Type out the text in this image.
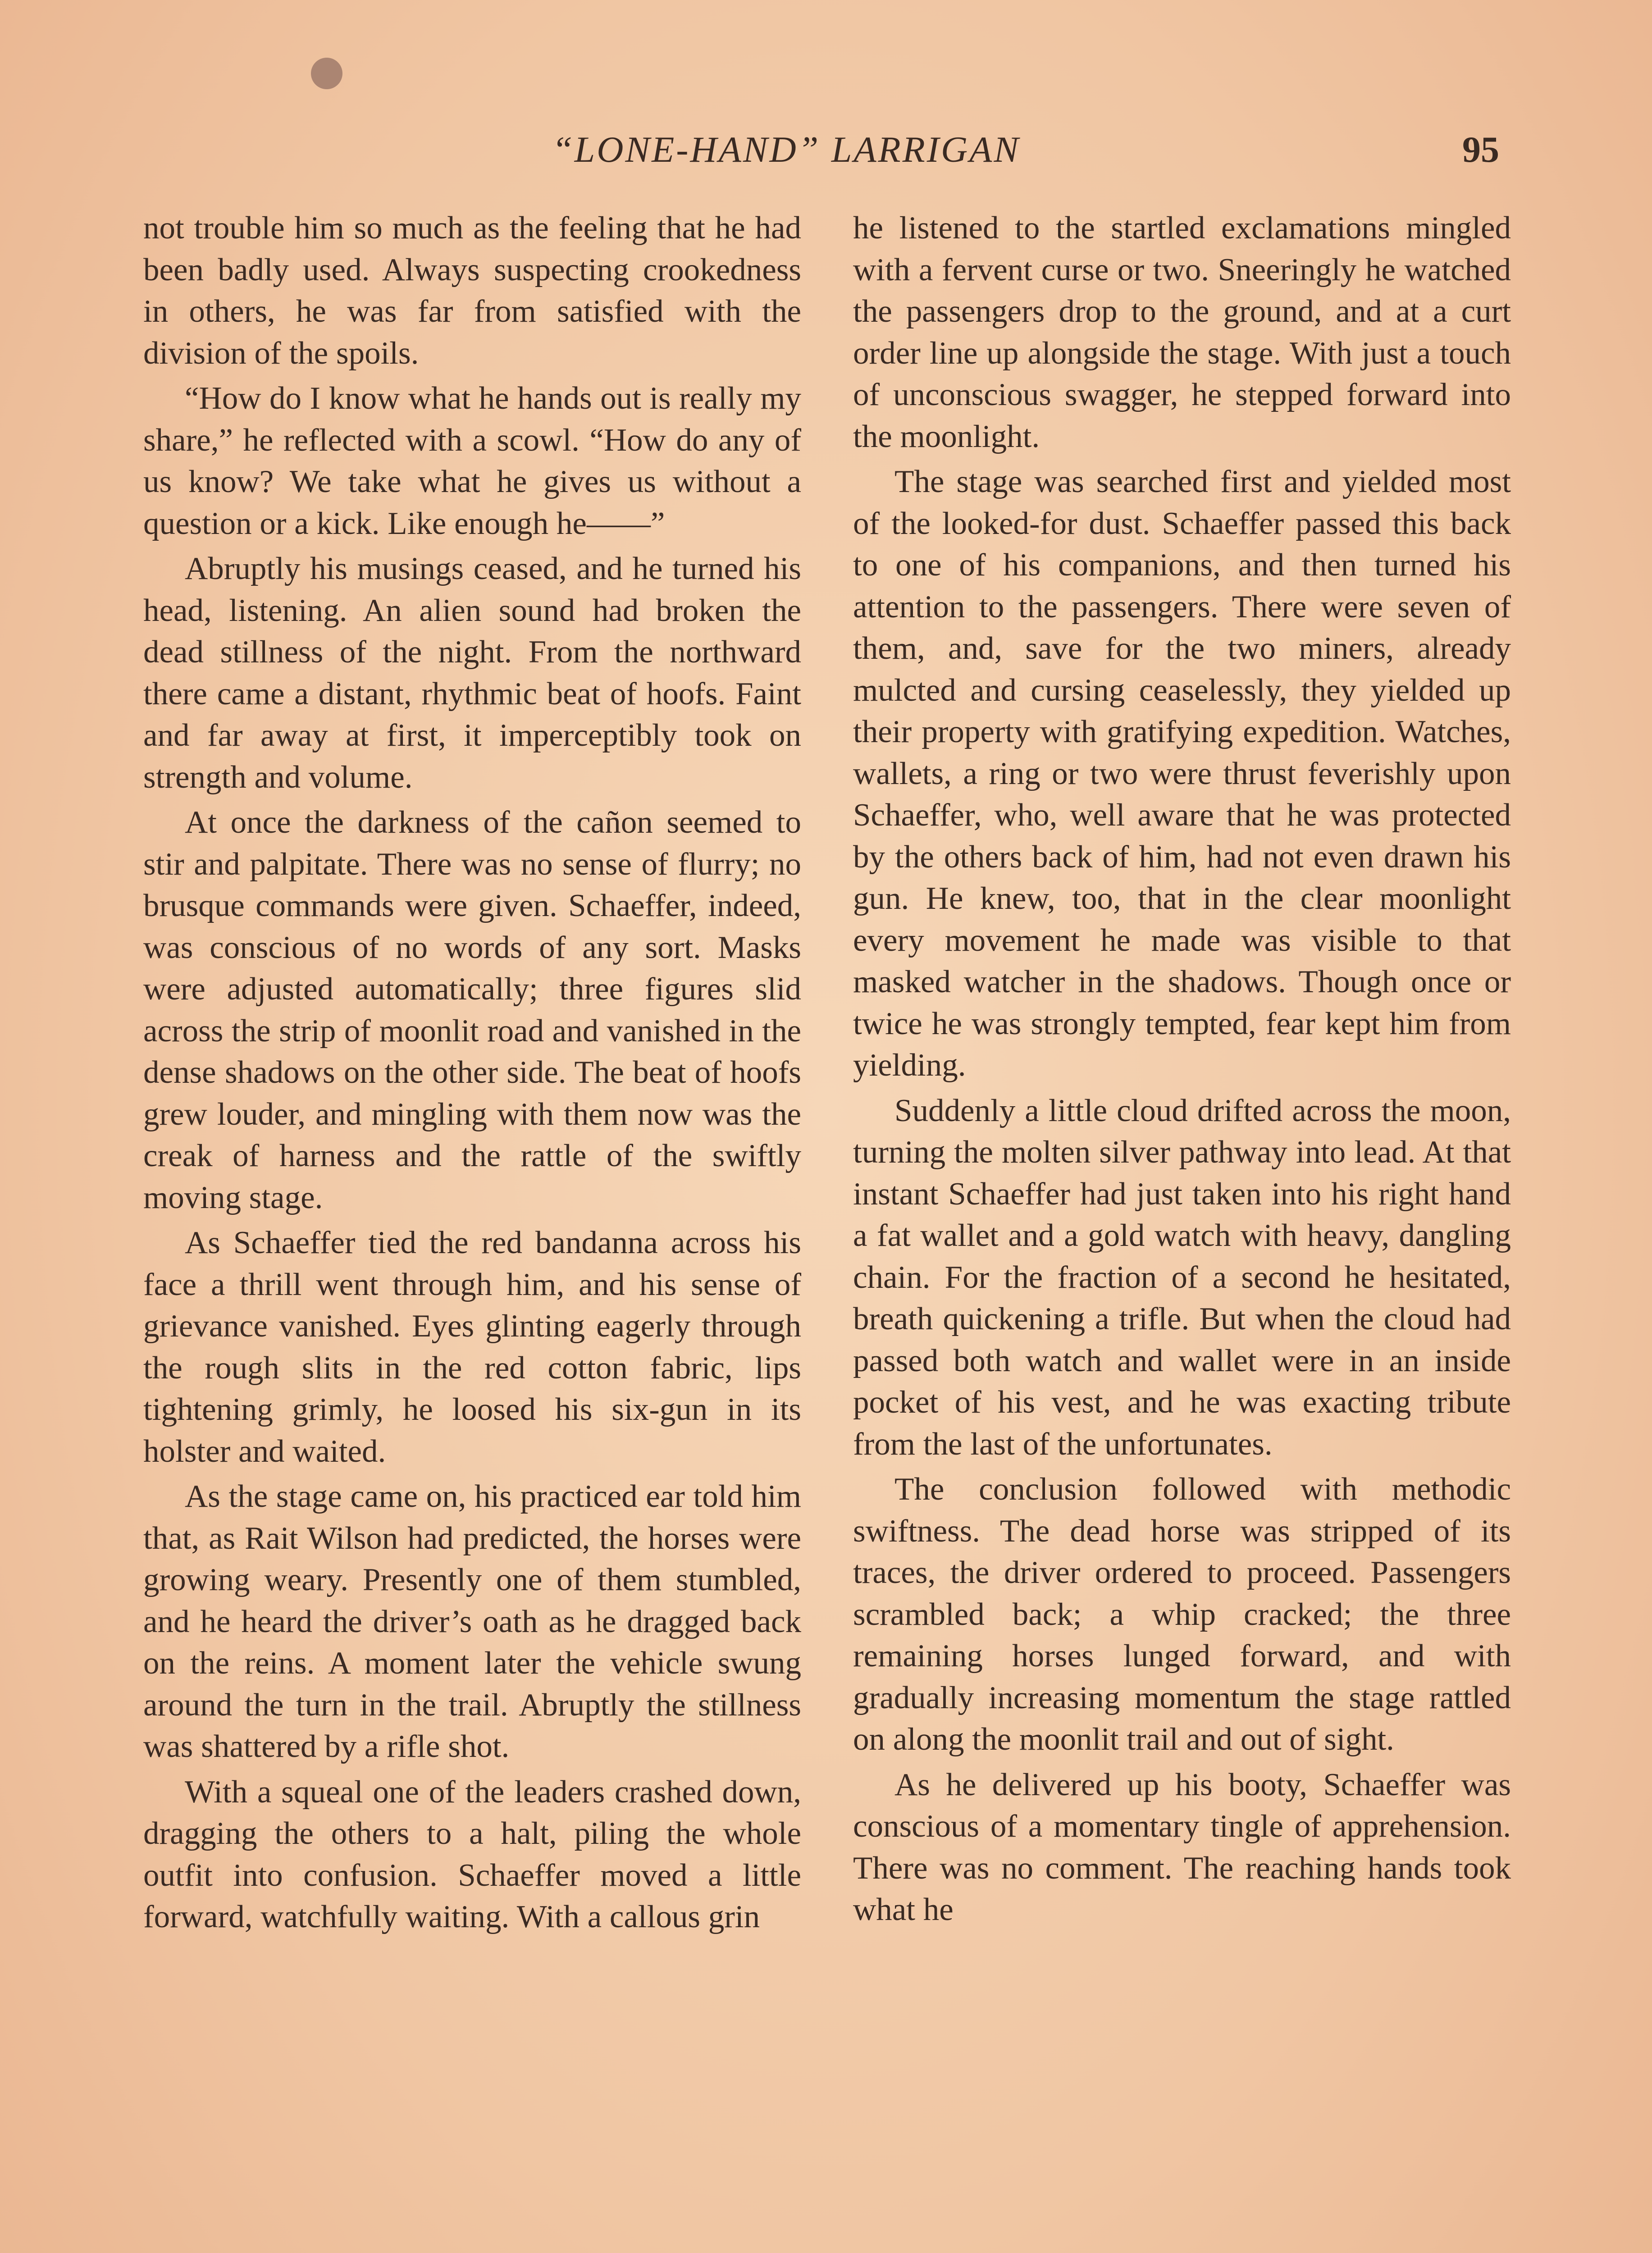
“LONE-HAND” LARRIGAN	95

not trouble him so much as the feeling that he had been badly used. Always suspecting crookedness in others, he was far from satisfied with the division of the spoils.

“How do I know what he hands out is really my share,” he reflected with a scowl. “How do any of us know? We take what he gives us without a question or a kick. Like enough he——”

Abruptly his musings ceased, and he turned his head, listening. An alien sound had broken the dead stillness of the night. From the northward there came a distant, rhythmic beat of hoofs. Faint and far away at first, it imperceptibly took on strength and volume.

At once the darkness of the cañon seemed to stir and palpitate. There was no sense of flurry; no brusque commands were given. Schaeffer, indeed, was conscious of no words of any sort. Masks were adjusted automatically; three figures slid across the strip of moonlit road and vanished in the dense shadows on the other side. The beat of hoofs grew louder, and mingling with them now was the creak of harness and the rattle of the swiftly moving stage.

As Schaeffer tied the red bandanna across his face a thrill went through him, and his sense of grievance vanished. Eyes glinting eagerly through the rough slits in the red cotton fabric, lips tightening grimly, he loosed his six-gun in its holster and waited.

As the stage came on, his practiced ear told him that, as Rait Wilson had predicted, the horses were growing weary. Presently one of them stumbled, and he heard the driver’s oath as he dragged back on the reins. A moment later the vehicle swung around the turn in the trail. Abruptly the stillness was shattered by a rifle shot.

With a squeal one of the leaders crashed down, dragging the others to a halt, piling the whole outfit into confusion. Schaeffer moved a little forward, watchfully waiting. With a callous grin

he listened to the startled exclamations mingled with a fervent curse or two. Sneeringly he watched the passengers drop to the ground, and at a curt order line up alongside the stage. With just a touch of unconscious swagger, he stepped forward into the moonlight.

The stage was searched first and yielded most of the looked-for dust. Schaeffer passed this back to one of his companions, and then turned his attention to the passengers. There were seven of them, and, save for the two miners, already mulcted and cursing ceaselessly, they yielded up their property with gratifying expedition. Watches, wallets, a ring or two were thrust feverishly upon Schaeffer, who, well aware that he was protected by the others back of him, had not even drawn his gun. He knew, too, that in the clear moonlight every movement he made was visible to that masked watcher in the shadows. Though once or twice he was strongly tempted, fear kept him from yielding.

Suddenly a little cloud drifted across the moon, turning the molten silver pathway into lead. At that instant Schaeffer had just taken into his right hand a fat wallet and a gold watch with heavy, dangling chain. For the fraction of a second he hesitated, breath quickening a trifle. But when the cloud had passed both watch and wallet were in an inside pocket of his vest, and he was exacting tribute from the last of the unfortunates.

The conclusion followed with methodic swiftness. The dead horse was stripped of its traces, the driver ordered to proceed. Passengers scrambled back; a whip cracked; the three remaining horses lunged forward, and with gradually increasing momentum the stage rattled on along the moonlit trail and out of sight.

As he delivered up his booty, Schaeffer was conscious of a momentary tingle of apprehension. There was no comment. The reaching hands took what he
